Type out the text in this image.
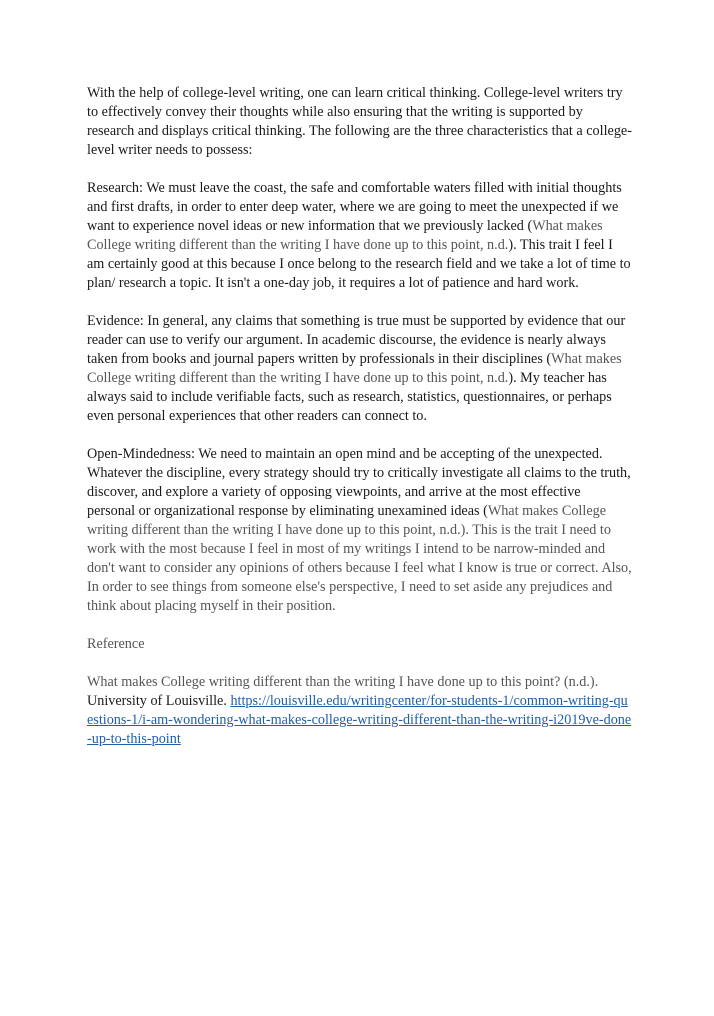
With the help of college-level writing, one can learn critical thinking. College-level writers try to effectively convey their thoughts while also ensuring that the writing is supported by research and displays critical thinking. The following are the three characteristics that a college-level writer needs to possess:

Research: We must leave the coast, the safe and comfortable waters filled with initial thoughts and first drafts, in order to enter deep water, where we are going to meet the unexpected if we want to experience novel ideas or new information that we previously lacked (What makes College writing different than the writing I have done up to this point, n.d.). This trait I feel I am certainly good at this because I once belong to the research field and we take a lot of time to plan/ research a topic. It isn't a one-day job, it requires a lot of patience and hard work.

Evidence: In general, any claims that something is true must be supported by evidence that our reader can use to verify our argument. In academic discourse, the evidence is nearly always taken from books and journal papers written by professionals in their disciplines (What makes College writing different than the writing I have done up to this point, n.d.). My teacher has always said to include verifiable facts, such as research, statistics, questionnaires, or perhaps even personal experiences that other readers can connect to.

Open-Mindedness: We need to maintain an open mind and be accepting of the unexpected. Whatever the discipline, every strategy should try to critically investigate all claims to the truth, discover, and explore a variety of opposing viewpoints, and arrive at the most effective personal or organizational response by eliminating unexamined ideas (What makes College writing different than the writing I have done up to this point, n.d.). This is the trait I need to work with the most because I feel in most of my writings I intend to be narrow-minded and don't want to consider any opinions of others because I feel what I know is true or correct. Also, In order to see things from someone else's perspective, I need to set aside any prejudices and think about placing myself in their position.

Reference

What makes College writing different than the writing I have done up to this point? (n.d.). University of Louisville. https://louisville.edu/writingcenter/for-students-1/common-writing-questions-1/i-am-wondering-what-makes-college-writing-different-than-the-writing-i2019ve-done-up-to-this-point
